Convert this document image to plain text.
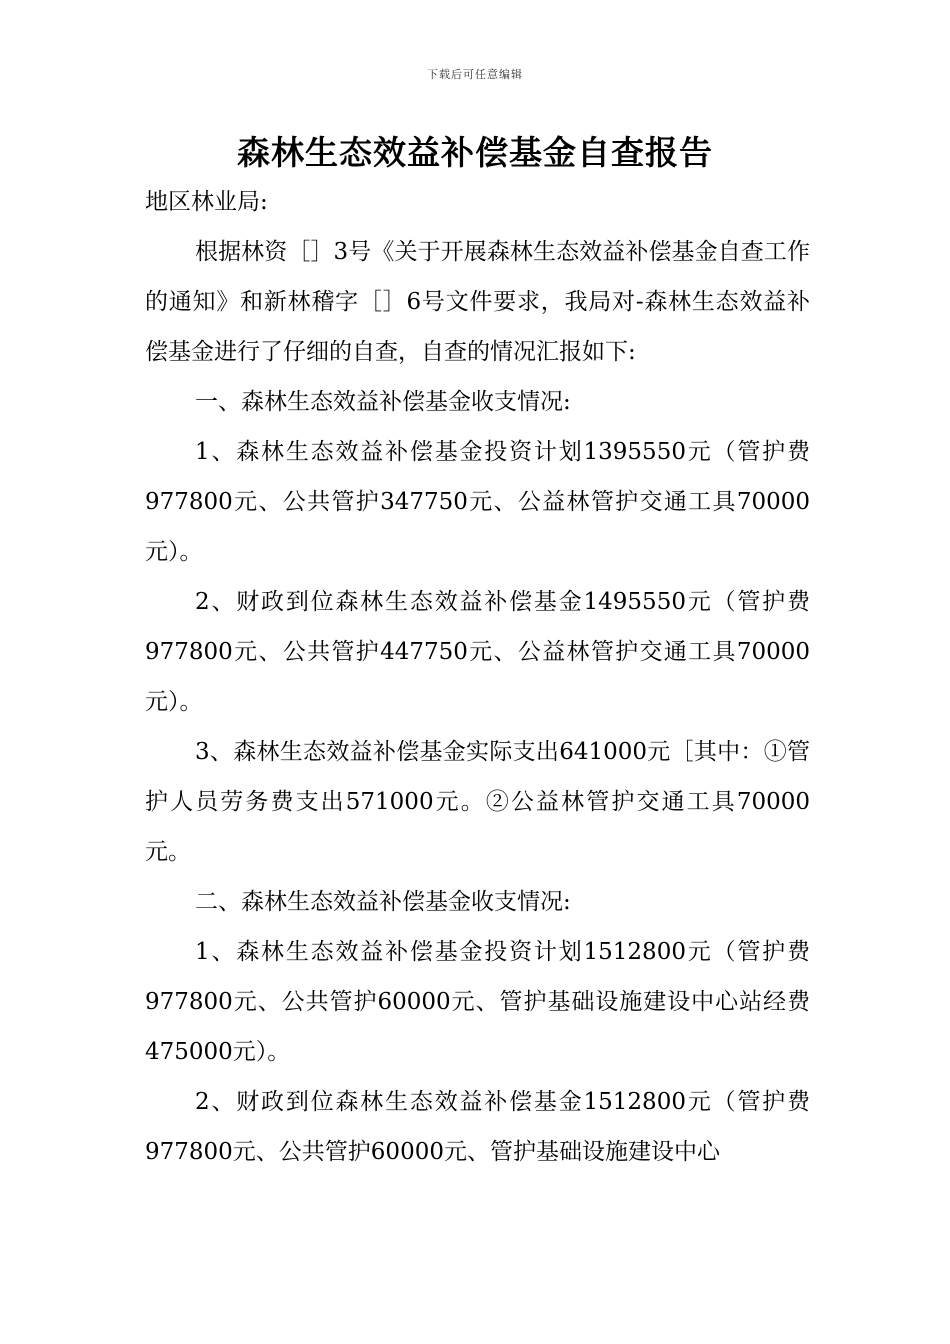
下载后可任意编辑
森林生态效益补偿基金自查报告

地区林业局:

根据林资［］3号《关于开展森林生态效益补偿基金自查工作的通知》和新林稽字［］6号文件要求，我局对-森林生态效益补偿基金进行了仔细的自查，自查的情况汇报如下:

一、森林生态效益补偿基金收支情况:

1、森林生态效益补偿基金投资计划1395550元（管护费977800元、公共管护347750元、公益林管护交通工具70000元）。

2、财政到位森林生态效益补偿基金1495550元（管护费977800元、公共管护447750元、公益林管护交通工具70000元）。

3、森林生态效益补偿基金实际支出641000元［其中：①管护人员劳务费支出571000元。②公益林管护交通工具70000元。

二、森林生态效益补偿基金收支情况:

1、森林生态效益补偿基金投资计划1512800元（管护费977800元、公共管护60000元、管护基础设施建设中心站经费475000元）。

2、财政到位森林生态效益补偿基金1512800元（管护费977800元、公共管护60000元、管护基础设施建设中心
